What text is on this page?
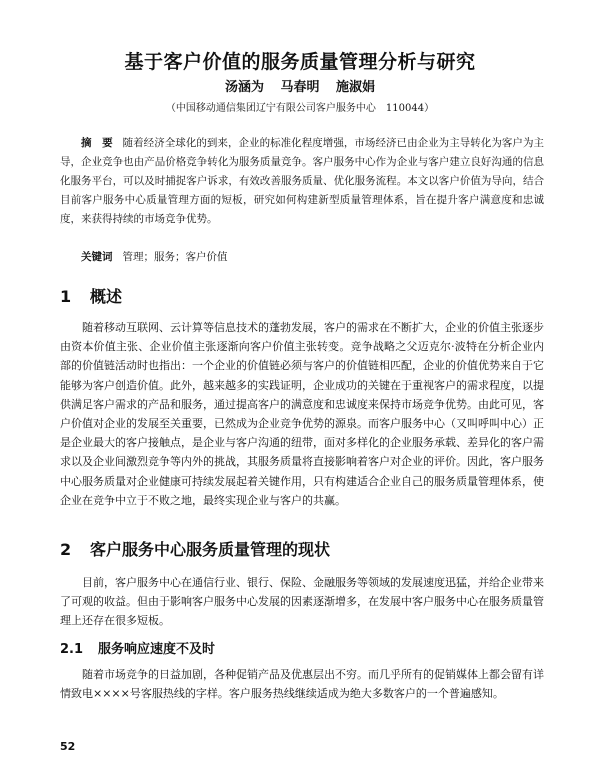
基于客户价值的服务质量管理分析与研究
汤涵为 马春明 施淑娟
（中国移动通信集团辽宁有限公司客户服务中心　110044）

摘　要 随着经济全球化的到来，企业的标准化程度增强，市场经济已由企业为主导转化为客户为主导，企业竞争也由产品价格竞争转化为服务质量竞争。客户服务中心作为企业与客户建立良好沟通的信息化服务平台，可以及时捕捉客户诉求，有效改善服务质量、优化服务流程。本文以客户价值为导向，结合目前客户服务中心质量管理方面的短板，研究如何构建新型质量管理体系，旨在提升客户满意度和忠诚度，来获得持续的市场竞争优势。

关键词 管理；服务；客户价值
1 概述

随着移动互联网、云计算等信息技术的蓬勃发展，客户的需求在不断扩大，企业的价值主张逐步由资本价值主张、企业价值主张逐渐向客户价值主张转变。竞争战略之父迈克尔·波特在分析企业内部的价值链活动时也指出：一个企业的价值链必须与客户的价值链相匹配，企业的价值优势来自于它能够为客户创造价值。此外，越来越多的实践证明，企业成功的关键在于重视客户的需求程度，以提供满足客户需求的产品和服务，通过提高客户的满意度和忠诚度来保持市场竞争优势。由此可见，客户价值对企业的发展至关重要，已然成为企业竞争优势的源泉。而客户服务中心（又叫呼叫中心）正是企业最大的客户接触点，是企业与客户沟通的纽带，面对多样化的企业服务承载、差异化的客户需求以及企业间激烈竞争等内外的挑战，其服务质量将直接影响着客户对企业的评价。因此，客户服务中心服务质量对企业健康可持续发展起着关键作用，只有构建适合企业自己的服务质量管理体系，使企业在竞争中立于不败之地，最终实现企业与客户的共赢。

2 客户服务中心服务质量管理的现状

目前，客户服务中心在通信行业、银行、保险、金融服务等领域的发展速度迅猛，并给企业带来了可观的收益。但由于影响客户服务中心发展的因素逐渐增多，在发展中客户服务中心在服务质量管理上还存在很多短板。

2.1 服务响应速度不及时

随着市场竞争的日益加剧，各种促销产品及优惠层出不穷。而几乎所有的促销媒体上都会留有详情致电××××号客服热线的字样。客户服务热线继续适成为绝大多数客户的一个普遍感知。

52
